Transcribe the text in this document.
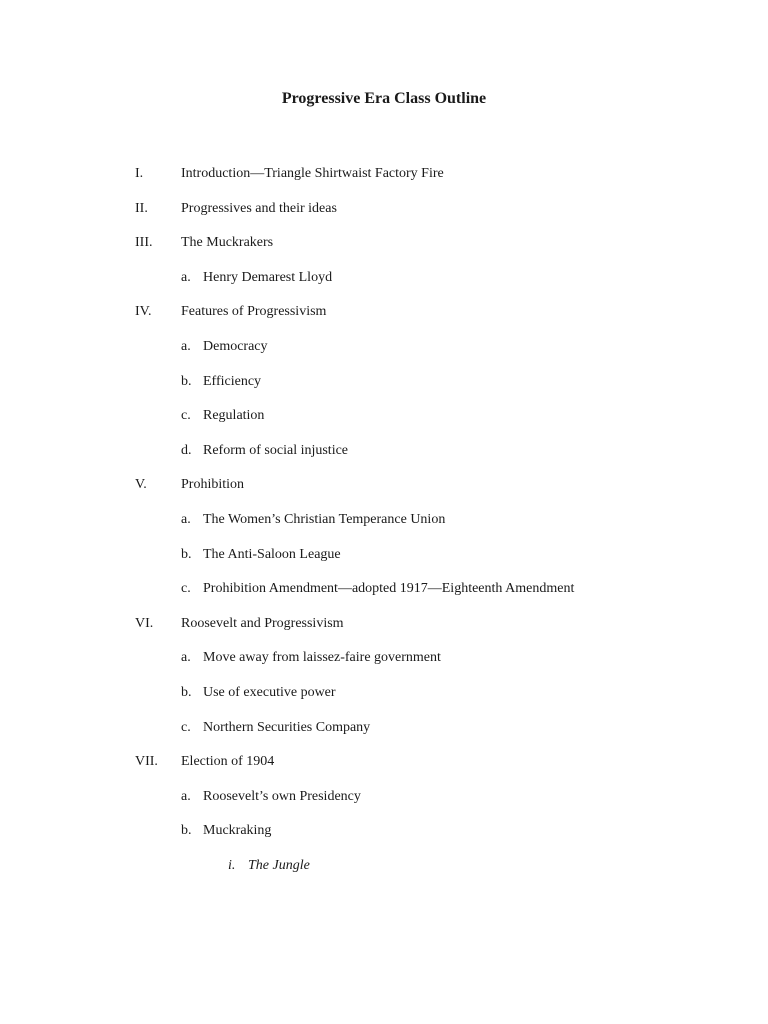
Progressive Era Class Outline
I.	Introduction—Triangle Shirtwaist Factory Fire
II. Progressives and their ideas
III. The Muckrakers
a. Henry Demarest Lloyd
IV. Features of Progressivism
a. Democracy
b. Efficiency
c. Regulation
d. Reform of social injustice
V. Prohibition
a. The Women’s Christian Temperance Union
b. The Anti-Saloon League
c. Prohibition Amendment—adopted 1917—Eighteenth Amendment
VI. Roosevelt and Progressivism
a. Move away from laissez-faire government
b. Use of executive power
c. Northern Securities Company
VII. Election of 1904
a. Roosevelt’s own Presidency
b. Muckraking
i. The Jungle
